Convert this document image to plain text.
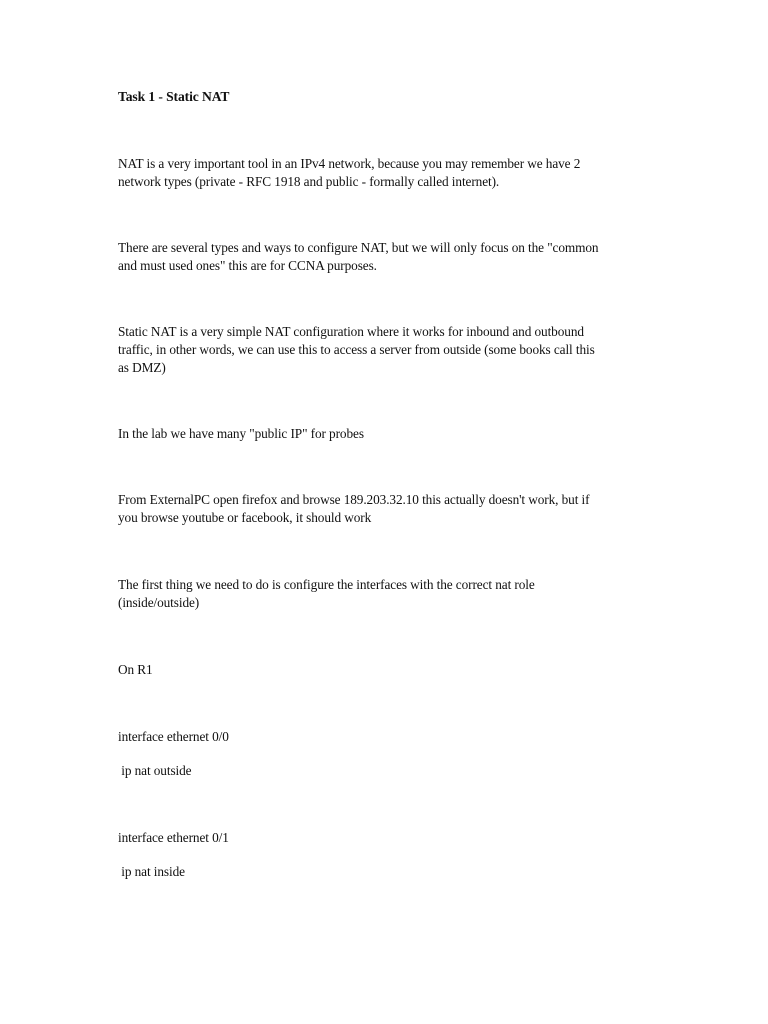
Task 1 - Static NAT

NAT is a very important tool in an IPv4 network, because you may remember we have 2

network types (private - RFC 1918 and public - formally called internet).

There are several types and ways to configure NAT, but we will only focus on the "common

and must used ones" this are for CCNA purposes.

Static NAT is a very simple NAT configuration where it works for inbound and outbound

traffic, in other words, we can use this to access a server from outside (some books call this

as DMZ)

In the lab we have many "public IP" for probes

From ExternalPC open firefox and browse 189.203.32.10 this actually doesn't work, but if

you browse youtube or facebook, it should work

The first thing we need to do is configure the interfaces with the correct nat role

(inside/outside)

On R1

interface ethernet 0/0

ip nat outside

interface ethernet 0/1

ip nat inside
